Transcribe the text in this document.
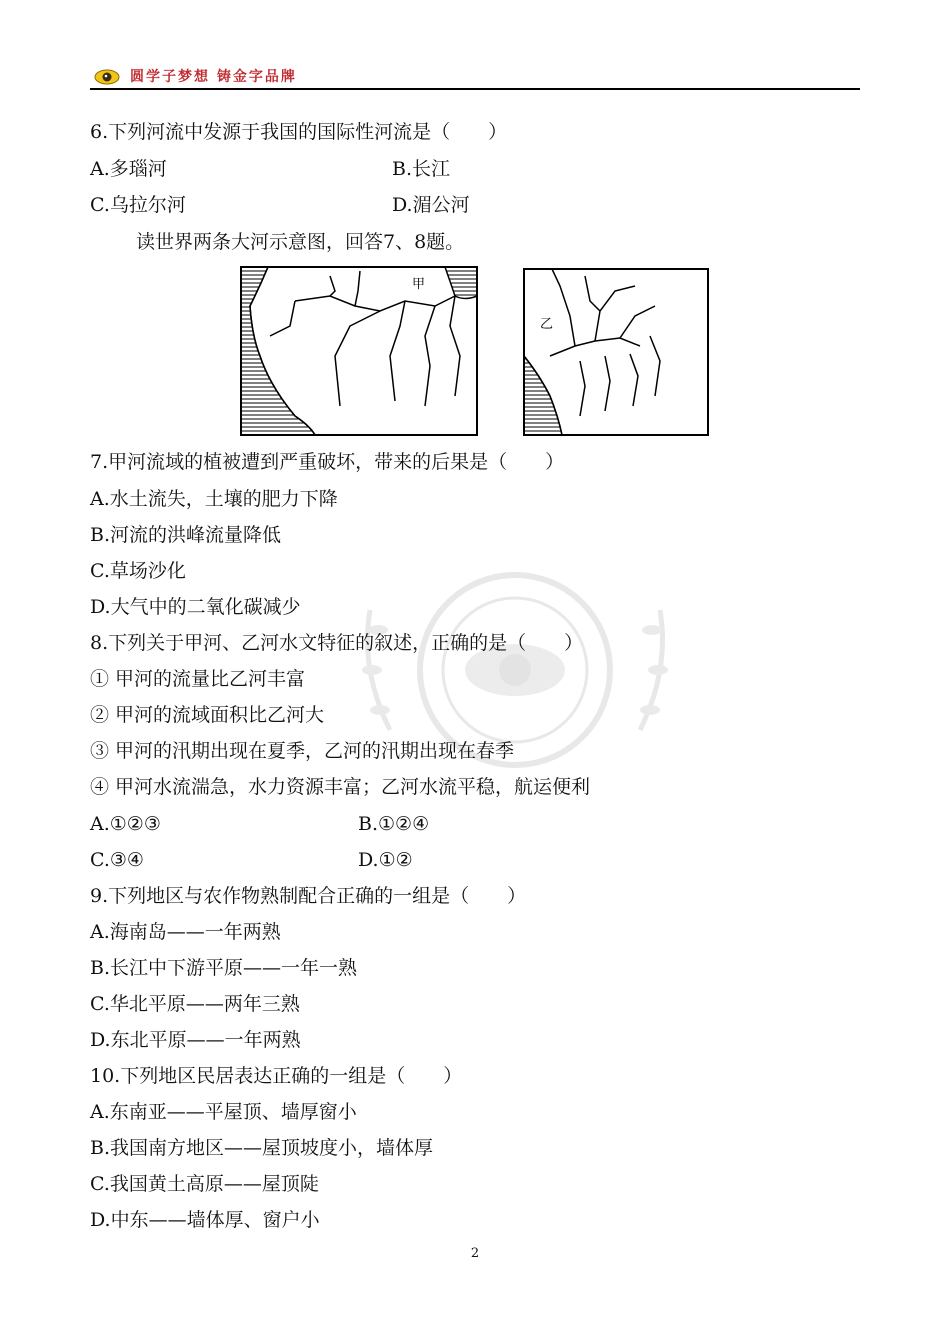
圆学子梦想 铸金字品牌
6.下列河流中发源于我国的国际性河流是（　　）
A.多瑙河	B.长江
C.乌拉尔河	D.湄公河
读世界两条大河示意图，回答7、8题。
甲
乙
7.甲河流域的植被遭到严重破坏，带来的后果是（　　）
A.水土流失，土壤的肥力下降
B.河流的洪峰流量降低
C.草场沙化
D.大气中的二氧化碳减少
8.下列关于甲河、乙河水文特征的叙述，正确的是（　　）
① 甲河的流量比乙河丰富
② 甲河的流域面积比乙河大
③ 甲河的汛期出现在夏季，乙河的汛期出现在春季
④ 甲河水流湍急，水力资源丰富；乙河水流平稳，航运便利
A.①②③	B.①②④
C.③④	D.①②
9.下列地区与农作物熟制配合正确的一组是（　　）
A.海南岛——一年两熟
B.长江中下游平原——一年一熟
C.华北平原——两年三熟
D.东北平原——一年两熟
10.下列地区民居表达正确的一组是（　　）
A.东南亚——平屋顶、墙厚窗小
B.我国南方地区——屋顶坡度小，墙体厚
C.我国黄土高原——屋顶陡
D.中东——墙体厚、窗户小
2
